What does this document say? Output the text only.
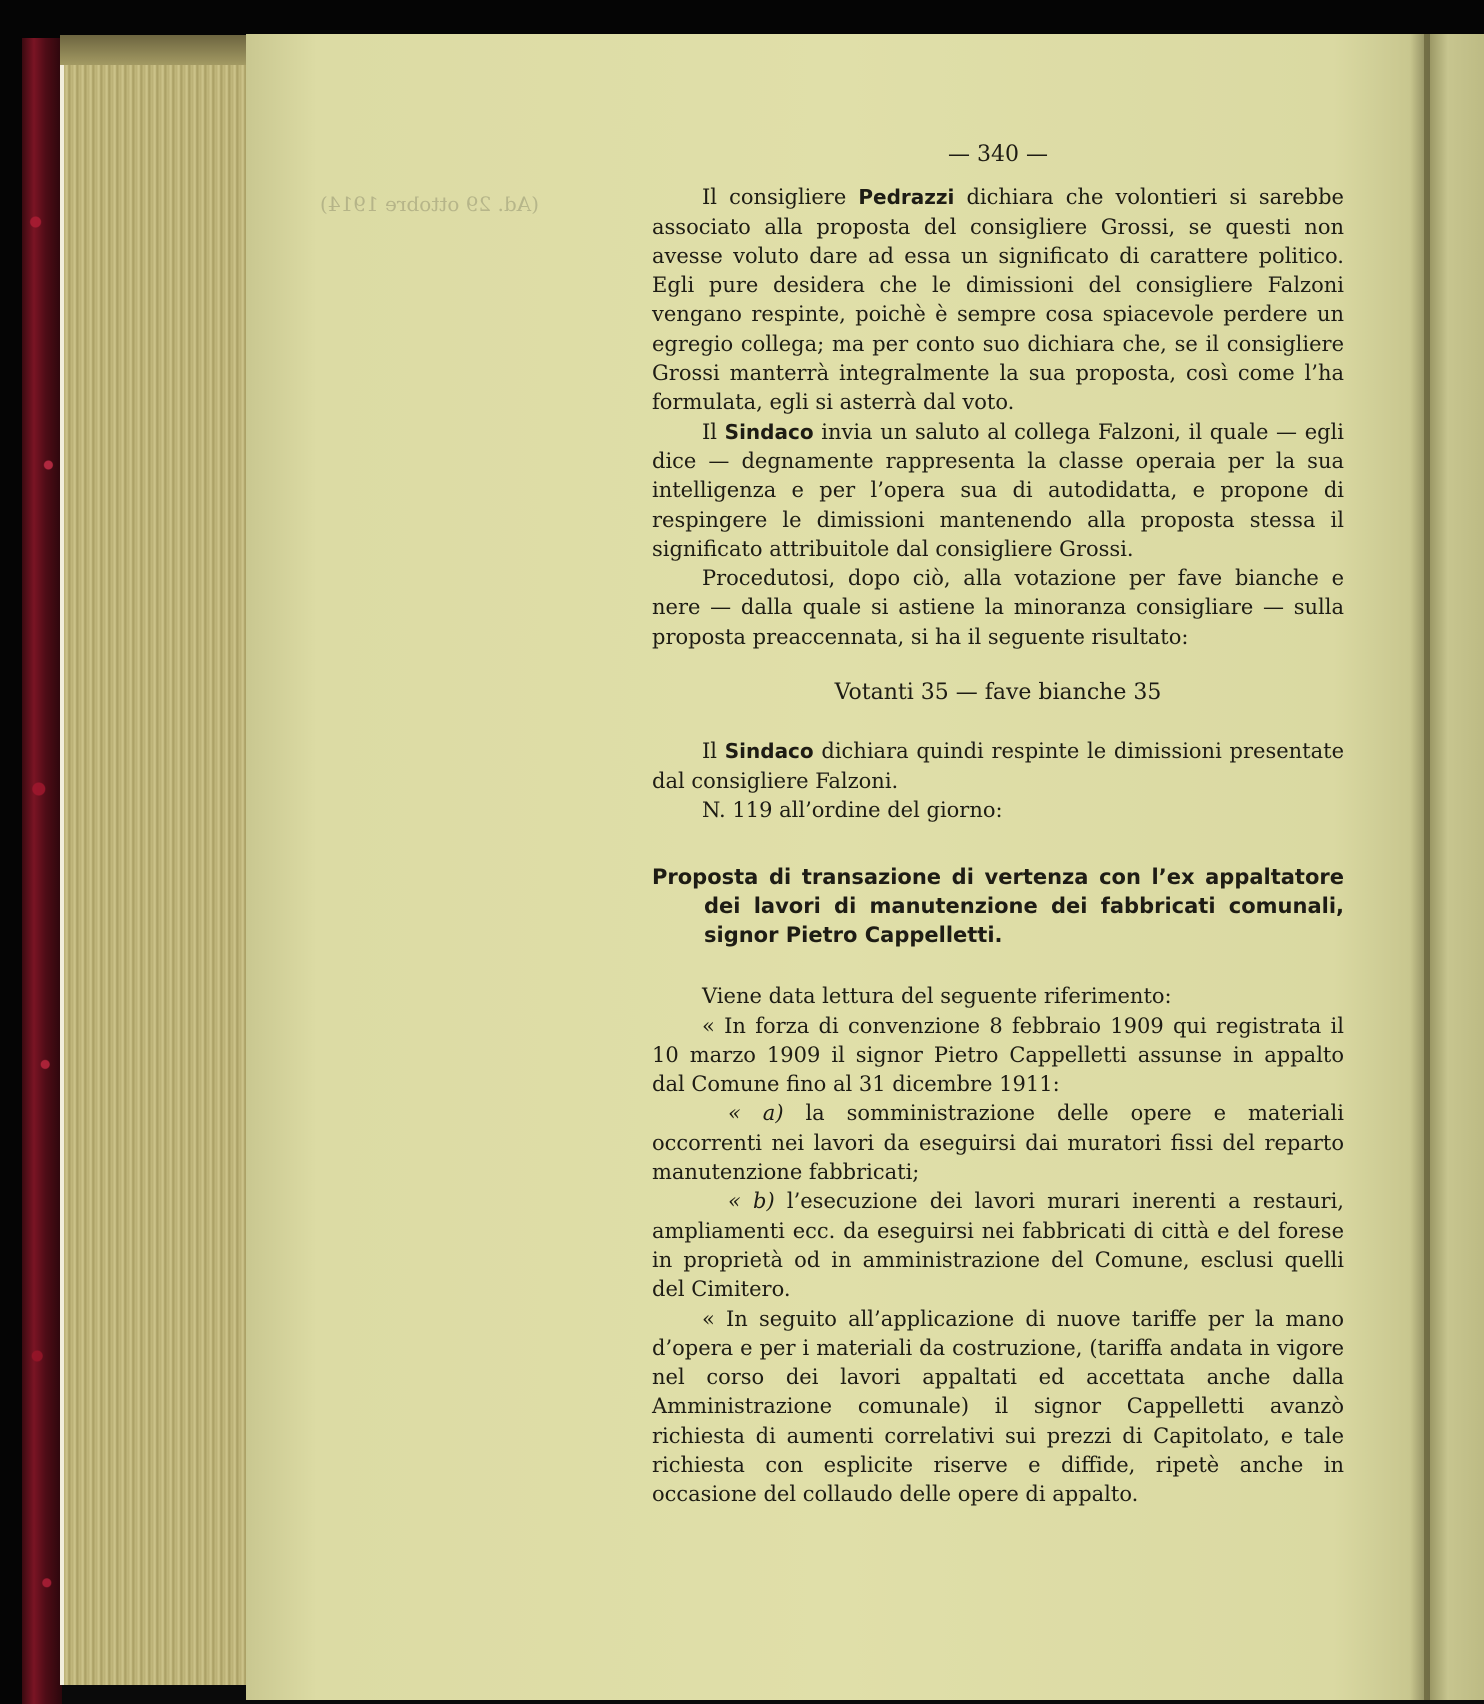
(Ad. 29 ottobre 1914)
— 340 —

Il consigliere Pedrazzi dichiara che volontieri si sarebbe associato alla proposta del consigliere Grossi, se questi non avesse voluto dare ad essa un significato di carattere politico. Egli pure desidera che le dimissioni del consigliere Falzoni vengano respinte, poichè è sempre cosa spiacevole perdere un egregio collega; ma per conto suo dichiara che, se il consigliere Grossi manterrà integralmente la sua proposta, così come l’ha formulata, egli si asterrà dal voto.

Il Sindaco invia un saluto al collega Falzoni, il quale — egli dice — degnamente rappresenta la classe operaia per la sua intelligenza e per l’opera sua di autodidatta, e propone di respingere le dimissioni mantenendo alla proposta stessa il significato attribuitole dal consigliere Grossi.

Procedutosi, dopo ciò, alla votazione per fave bianche e nere — dalla quale si astiene la minoranza consigliare — sulla proposta preaccennata, si ha il seguente risultato:

Votanti 35 — fave bianche 35

Il Sindaco dichiara quindi respinte le dimissioni presentate dal consigliere Falzoni.

N. 119 all’ordine del giorno:

Proposta di transazione di vertenza con l’ex appaltatore dei lavori di manutenzione dei fabbricati comunali, signor Pietro Cappelletti.

Viene data lettura del seguente riferimento:

« In forza di convenzione 8 febbraio 1909 qui registrata il 10 marzo 1909 il signor Pietro Cappelletti assunse in appalto dal Comune fino al 31 dicembre 1911:

« a) la somministrazione delle opere e materiali occorrenti nei lavori da eseguirsi dai muratori fissi del reparto manutenzione fabbricati;

« b) l’esecuzione dei lavori murari inerenti a restauri, ampliamenti ecc. da eseguirsi nei fabbricati di città e del forese in proprietà od in amministrazione del Comune, esclusi quelli del Cimitero.

« In seguito all’applicazione di nuove tariffe per la mano d’opera e per i materiali da costruzione, (tariffa andata in vigore nel corso dei lavori appaltati ed accettata anche dalla Amministrazione comunale) il signor Cappelletti avanzò richiesta di aumenti correlativi sui prezzi di Capitolato, e tale richiesta con esplicite riserve e diffide, ripetè anche in occasione del collaudo delle opere di appalto.
